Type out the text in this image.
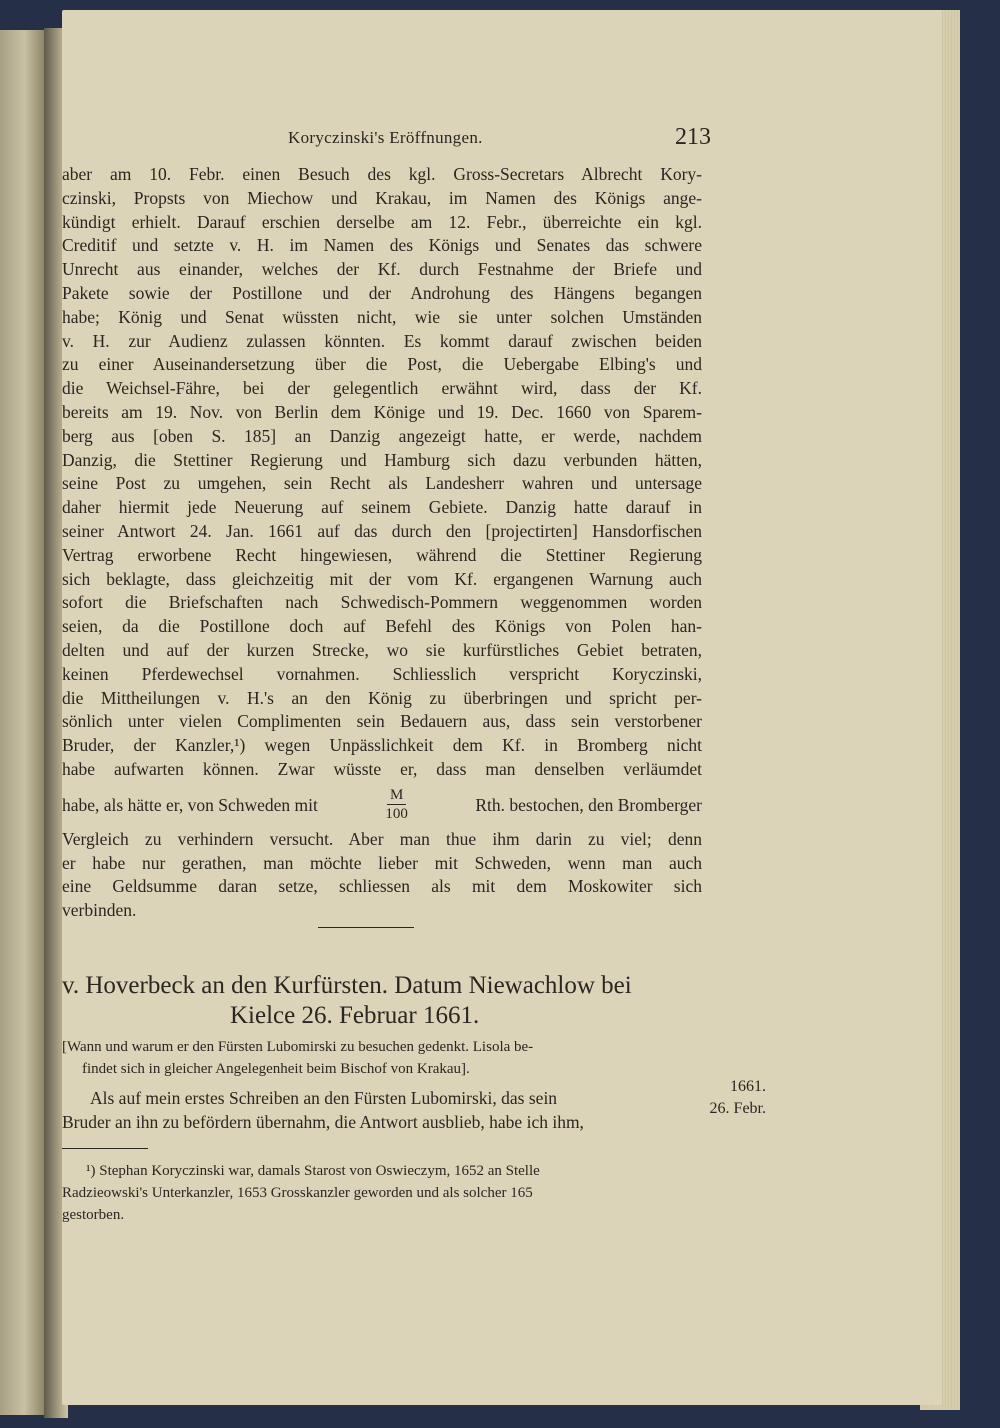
Koryczinski's Eröffnungen.	213
aber am 10. Febr. einen Besuch des kgl. Gross-Secretars Albrecht Kory-
czinski, Propsts von Miechow und Krakau, im Namen des Königs ange-
kündigt erhielt. Darauf erschien derselbe am 12. Febr., überreichte ein kgl.
Creditif und setzte v. H. im Namen des Königs und Senates das schwere
Unrecht aus einander, welches der Kf. durch Festnahme der Briefe und
Pakete sowie der Postillone und der Androhung des Hängens begangen
habe; König und Senat wüssten nicht, wie sie unter solchen Umständen
v. H. zur Audienz zulassen könnten. Es kommt darauf zwischen beiden
zu einer Auseinandersetzung über die Post, die Uebergabe Elbing's und
die Weichsel-Fähre, bei der gelegentlich erwähnt wird, dass der Kf.
bereits am 19. Nov. von Berlin dem Könige und 19. Dec. 1660 von Sparem-
berg aus [oben S. 185] an Danzig angezeigt hatte, er werde, nachdem
Danzig, die Stettiner Regierung und Hamburg sich dazu verbunden hätten,
seine Post zu umgehen, sein Recht als Landesherr wahren und untersage
daher hiermit jede Neuerung auf seinem Gebiete. Danzig hatte darauf in
seiner Antwort 24. Jan. 1661 auf das durch den [projectirten] Hansdorfischen
Vertrag erworbene Recht hingewiesen, während die Stettiner Regierung
sich beklagte, dass gleichzeitig mit der vom Kf. ergangenen Warnung auch
sofort die Briefschaften nach Schwedisch-Pommern weggenommen worden
seien, da die Postillone doch auf Befehl des Königs von Polen han-
delten und auf der kurzen Strecke, wo sie kurfürstliches Gebiet betraten,
keinen Pferdewechsel vornahmen. Schliesslich verspricht Koryczinski,
die Mittheilungen v. H.'s an den König zu überbringen und spricht per-
sönlich unter vielen Complimenten sein Bedauern aus, dass sein verstorbener
Bruder, der Kanzler,¹) wegen Unpässlichkeit dem Kf. in Bromberg nicht
habe aufwarten können. Zwar wüsste er, dass man denselben verläumdet
habe, als hätte er, von Schweden mit	$\frac{M}{100}$	Rth. bestochen, den Bromberger
Vergleich zu verhindern versucht. Aber man thue ihm darin zu viel; denn
er habe nur gerathen, man möchte lieber mit Schweden, wenn man auch
eine Geldsumme daran setze, schliessen als mit dem Moskowiter sich
verbinden.
v. Hoverbeck an den Kurfürsten. Datum Niewachlow bei
Kielce 26. Februar 1661.
[Wann und warum er den Fürsten Lubomirski zu besuchen gedenkt. Lisola be-
findet sich in gleicher Angelegenheit beim Bischof von Krakau].
Als auf mein erstes Schreiben an den Fürsten Lubomirski, das sein
Bruder an ihn zu befördern übernahm, die Antwort ausblieb, habe ich ihm,
1661.
26. Febr.
¹) Stephan Koryczinski war, damals Starost von Oswieczym, 1652 an Stelle
Radzieowski's Unterkanzler, 1653 Grosskanzler geworden und als solcher 165
gestorben.
